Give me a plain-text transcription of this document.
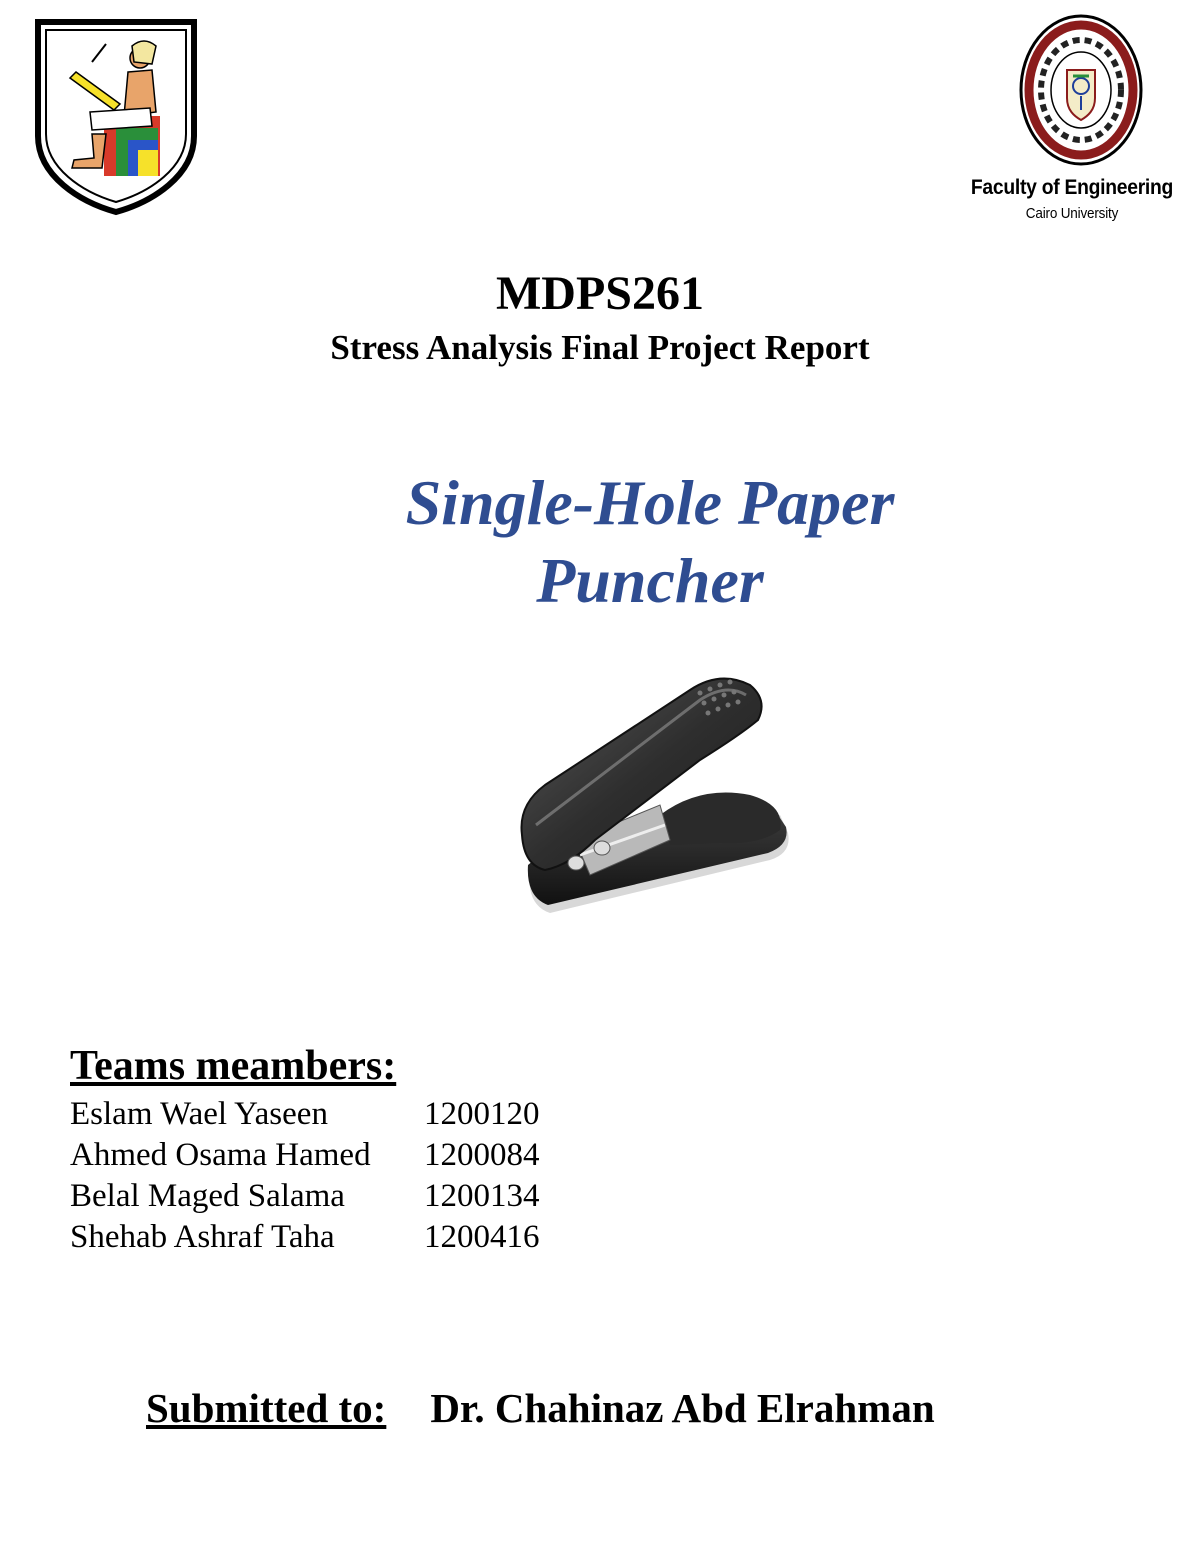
Faculty of Engineering
Cairo University
MDPS261
Stress Analysis Final Project Report
Single-Hole Paper Puncher
Teams meambers:
Eslam Wael Yaseen	1200120
Ahmed Osama Hamed	1200084
Belal Maged Salama	1200134
Shehab Ashraf Taha	1200416
Submitted to: Dr. Chahinaz Abd Elrahman
